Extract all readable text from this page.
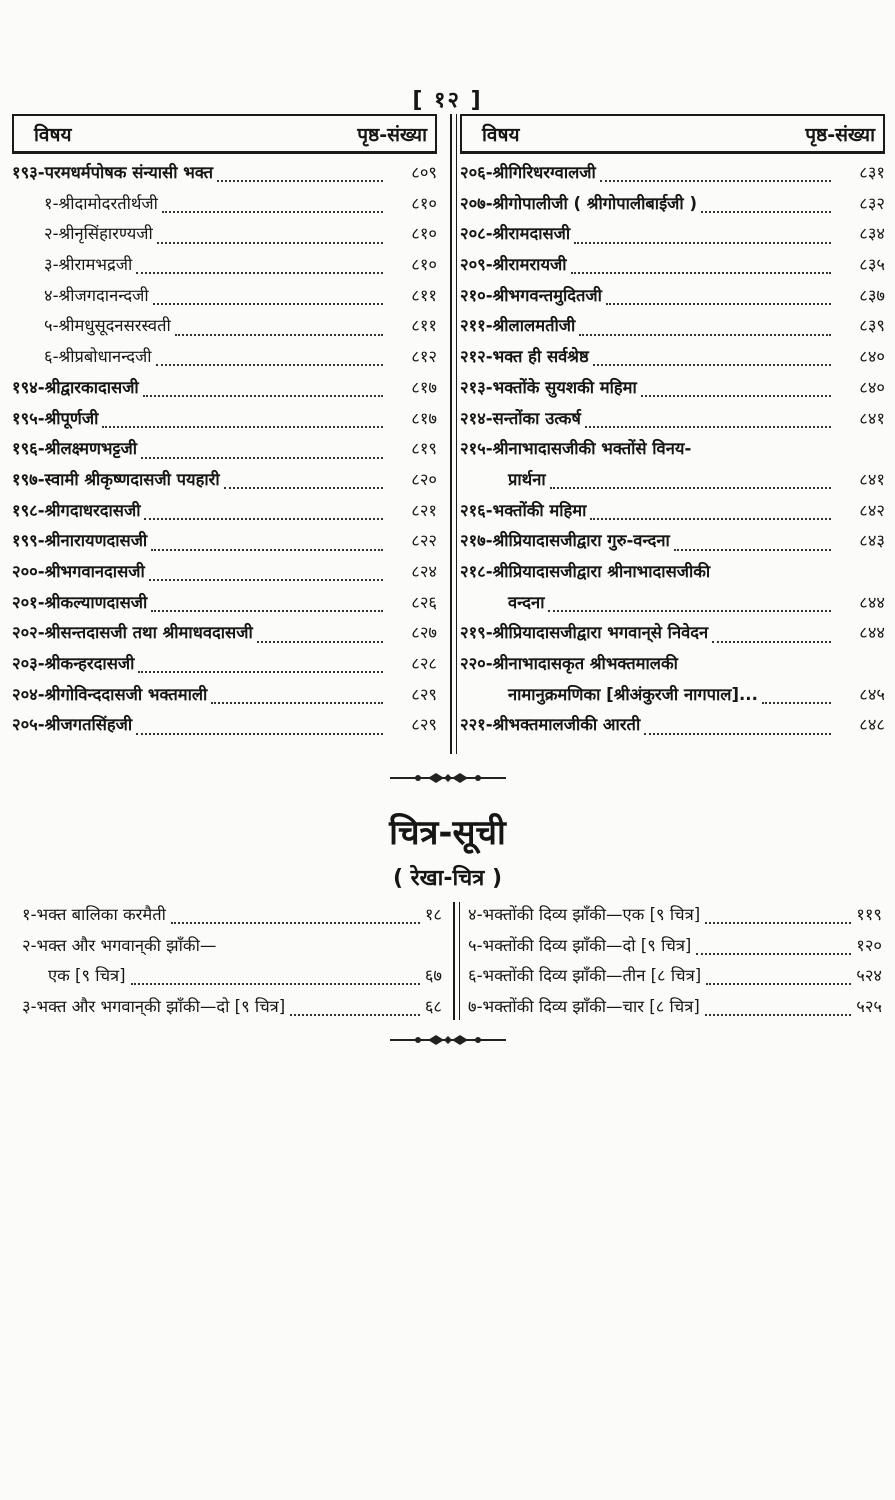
[ १२ ]
विषय	पृष्ठ-संख्या
१९३- परमधर्मपोषक संन्यासी भक्त	८०९
१- श्रीदामोदरतीर्थजी	८१०
२- श्रीनृसिंहारण्यजी	८१०
३- श्रीरामभद्रजी	८१०
४- श्रीजगदानन्दजी	८११
५- श्रीमधुसूदनसरस्वती	८११
६- श्रीप्रबोधानन्दजी	८१२
१९४- श्रीद्वारकादासजी	८१७
१९५- श्रीपूर्णजी	८१७
१९६- श्रीलक्ष्मणभट्टजी	८१९
१९७- स्वामी श्रीकृष्णदासजी पयहारी	८२०
१९८- श्रीगदाधरदासजी	८२१
१९९- श्रीनारायणदासजी	८२२
२००- श्रीभगवानदासजी	८२४
२०१- श्रीकल्याणदासजी	८२६
२०२- श्रीसन्तदासजी तथा श्रीमाधवदासजी	८२७
२०३- श्रीकन्हरदासजी	८२८
२०४- श्रीगोविन्ददासजी भक्तमाली	८२९
२०५- श्रीजगतसिंहजी	८२९
विषय	पृष्ठ-संख्या
२०६- श्रीगिरिधरग्वालजी	८३१
२०७- श्रीगोपालीजी ( श्रीगोपालीबाईजी )	८३२
२०८- श्रीरामदासजी	८३४
२०९- श्रीरामरायजी	८३५
२१०- श्रीभगवन्तमुदितजी	८३७
२११- श्रीलालमतीजी	८३९
२१२- भक्त ही सर्वश्रेष्ठ	८४०
२१३- भक्तोंके सुयशकी महिमा	८४०
२१४- सन्तोंका उत्कर्ष	८४१
२१५- श्रीनाभादासजीकी भक्तोंसे विनय-
प्रार्थना	८४१
२१६- भक्तोंकी महिमा	८४२
२१७- श्रीप्रियादासजीद्वारा गुरु-वन्दना	८४३
२१८- श्रीप्रियादासजीद्वारा श्रीनाभादासजीकी
वन्दना	८४४
२१९- श्रीप्रियादासजीद्वारा भगवान्‌से निवेदन	८४४
२२०- श्रीनाभादासकृत श्रीभक्तमालकी
नामानुक्रमणिका [श्रीअंकुरजी नागपाल]...	८४५
२२१- श्रीभक्तमालजीकी आरती	८४८
चित्र-सूची
( रेखा-चित्र )
१-भक्त बालिका करमैती	१८
२-भक्त और भगवान्‌की झाँकी—
एक [९ चित्र]	६७
३-भक्त और भगवान्‌की झाँकी—दो [९ चित्र]	६८
४-भक्तोंकी दिव्य झाँकी—एक [९ चित्र]	११९
५-भक्तोंकी दिव्य झाँकी—दो [९ चित्र]	१२०
६-भक्तोंकी दिव्य झाँकी—तीन [८ चित्र]	५२४
७-भक्तोंकी दिव्य झाँकी—चार [८ चित्र]	५२५
